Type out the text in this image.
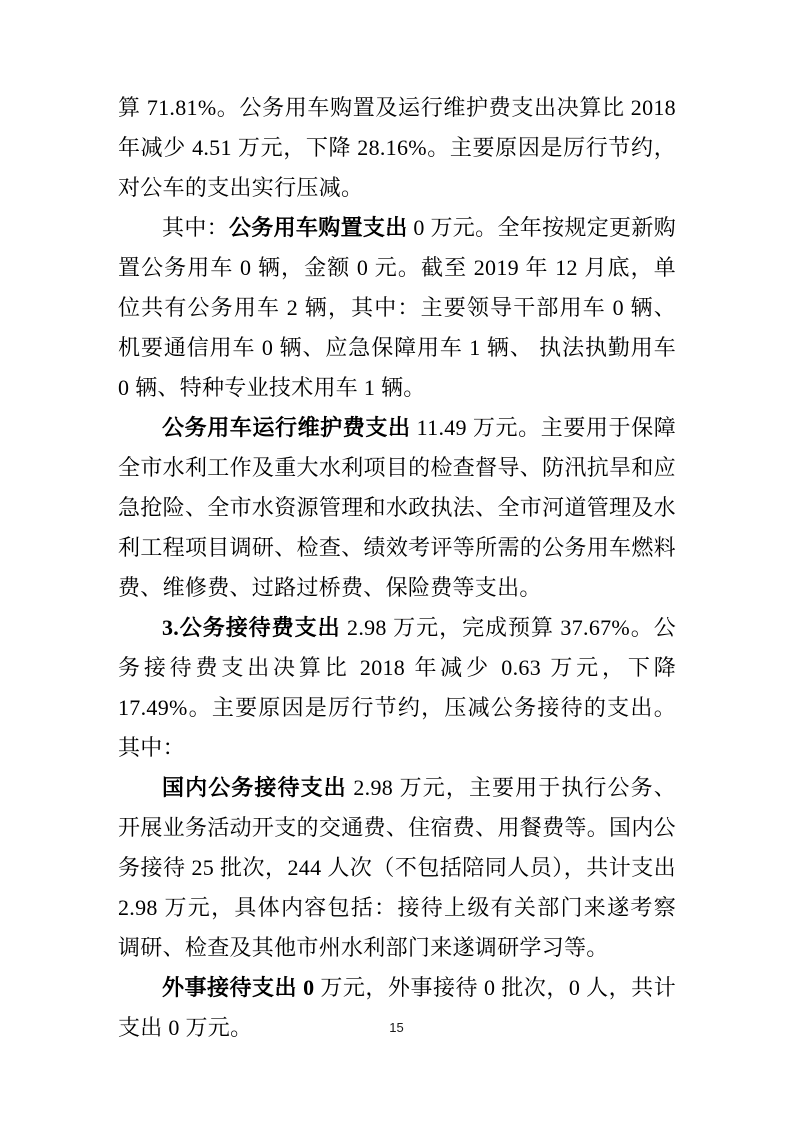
算 71.81%。公务用车购置及运行维护费支出决算比 2018 年减少 4.51 万元，下降 28.16%。主要原因是厉行节约，对公车的支出实行压减。

其中：公务用车购置支出 0 万元。全年按规定更新购置公务用车 0 辆，金额 0 元。截至 2019 年 12 月底，单位共有公务用车 2 辆，其中：主要领导干部用车 0 辆、机要通信用车 0 辆、应急保障用车 1 辆、 执法执勤用车 0 辆、特种专业技术用车 1 辆。

公务用车运行维护费支出 11.49 万元。主要用于保障全市水利工作及重大水利项目的检查督导、防汛抗旱和应急抢险、全市水资源管理和水政执法、全市河道管理及水利工程项目调研、检查、绩效考评等所需的公务用车燃料费、维修费、过路过桥费、保险费等支出。

3.公务接待费支出 2.98 万元，完成预算 37.67%。公务接待费支出决算比 2018 年减少 0.63 万元，下降 17.49%。主要原因是厉行节约，压减公务接待的支出。其中：

国内公务接待支出 2.98 万元，主要用于执行公务、开展业务活动开支的交通费、住宿费、用餐费等。国内公务接待 25 批次，244 人次（不包括陪同人员），共计支出 2.98 万元，具体内容包括：接待上级有关部门来遂考察调研、检查及其他市州水利部门来遂调研学习等。

外事接待支出 0 万元，外事接待 0 批次，0 人，共计支出 0 万元。	15
